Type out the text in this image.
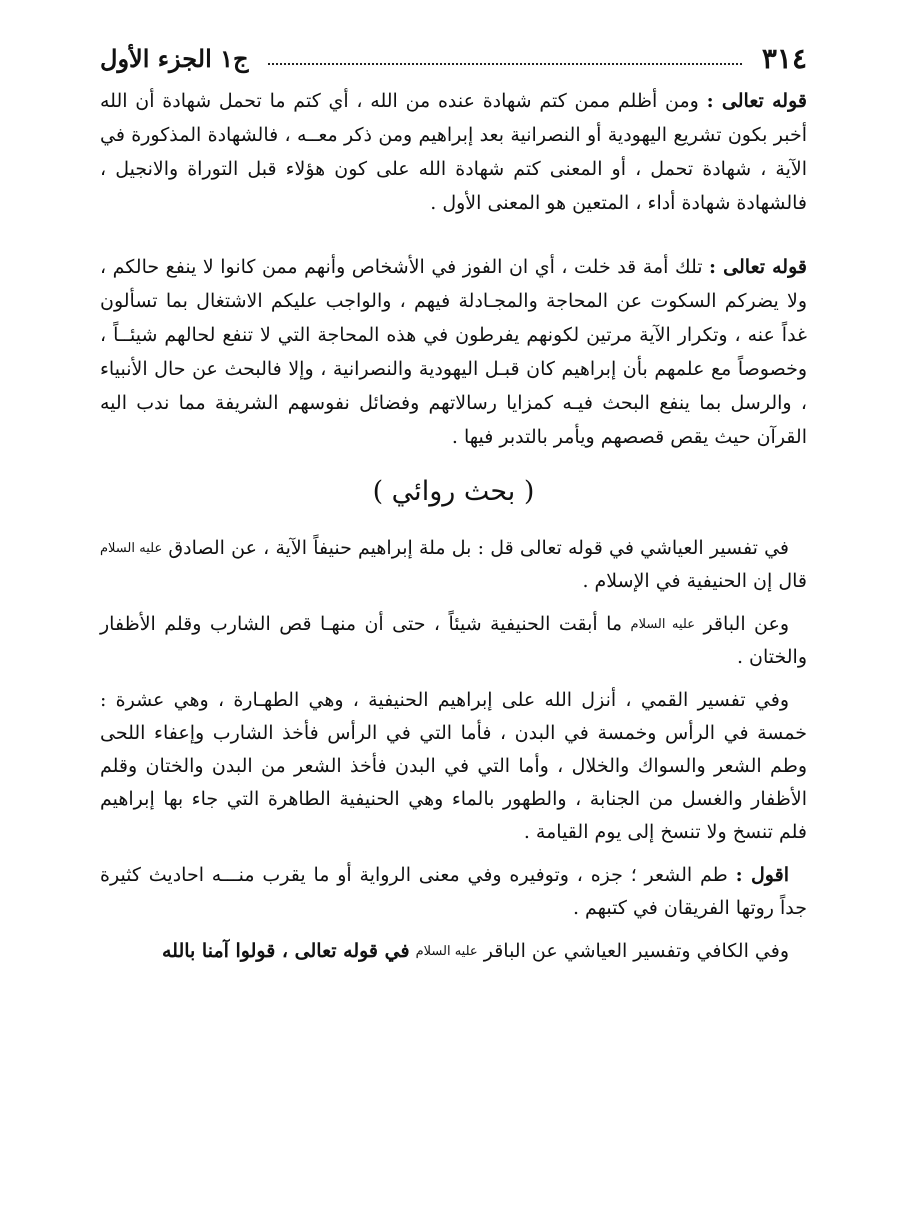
٣١٤
ج١ الجزء الأول

قوله تعالى : ومن أظلم ممن كتم شهادة عنده من الله ، أي كتم ما تحمل شهادة أن الله أخبر بكون تشريع اليهودية أو النصرانية بعد إبراهيم ومن ذكر معــه ، فالشهادة المذكورة في الآية ، شهادة تحمل ، أو المعنى كتم شهادة الله على كون هؤلاء قبل التوراة والانجيل ، فالشهادة شهادة أداء ، المتعين هو المعنى الأول .

قوله تعالى : تلك أمة قد خلت ، أي ان الفوز في الأشخاص وأنهم ممن كانوا لا ينفع حالكم ، ولا يضركم السكوت عن المحاجة والمجـادلة فيهم ، والواجب عليكم الاشتغال بما تسألون غداً عنه ، وتكرار الآية مرتين لكونهم يفرطون في هذه المحاجة التي لا تنفع لحالهم شيئــاً ، وخصوصاً مع علمهم بأن إبراهيم كان قبـل اليهودية والنصرانية ، وإلا فالبحث عن حال الأنبياء ، والرسل بما ينفع البحث فيـه كمزايا رسالاتهم وفضائل نفوسهم الشريفة مما ندب اليه القرآن حيث يقص قصصهم ويأمر بالتدبر فيها .

( بحث روائي )

في تفسير العياشي في قوله تعالى قل : بل ملة إبراهيم حنيفاً الآية ، عن الصادق $^{عليه السلام}$ قال إن الحنيفية في الإسلام .

وعن الباقر $^{عليه السلام}$ ما أبقت الحنيفية شيئاً ، حتى أن منهـا قص الشارب وقلم الأظفار والختان .

وفي تفسير القمي ، أنزل الله على إبراهيم الحنيفية ، وهي الطهـارة ، وهي عشرة : خمسة في الرأس وخمسة في البدن ، فأما التي في الرأس فأخذ الشارب وإعفاء اللحى وطم الشعر والسواك والخلال ، وأما التي في البدن فأخذ الشعر من البدن والختان وقلم الأظفار والغسل من الجنابة ، والطهور بالماء وهي الحنيفية الطاهرة التي جاء بها إبراهيم فلم تنسخ ولا تنسخ إلى يوم القيامة .

اقول : طم الشعر ؛ جزه ، وتوفيره وفي معنى الرواية أو ما يقرب منـــه احاديث كثيرة جداً روتها الفريقان في كتبهم .

وفي الكافي وتفسير العياشي عن الباقر $^{عليه السلام}$ في قوله تعالى ، قولوا آمنا بالله
